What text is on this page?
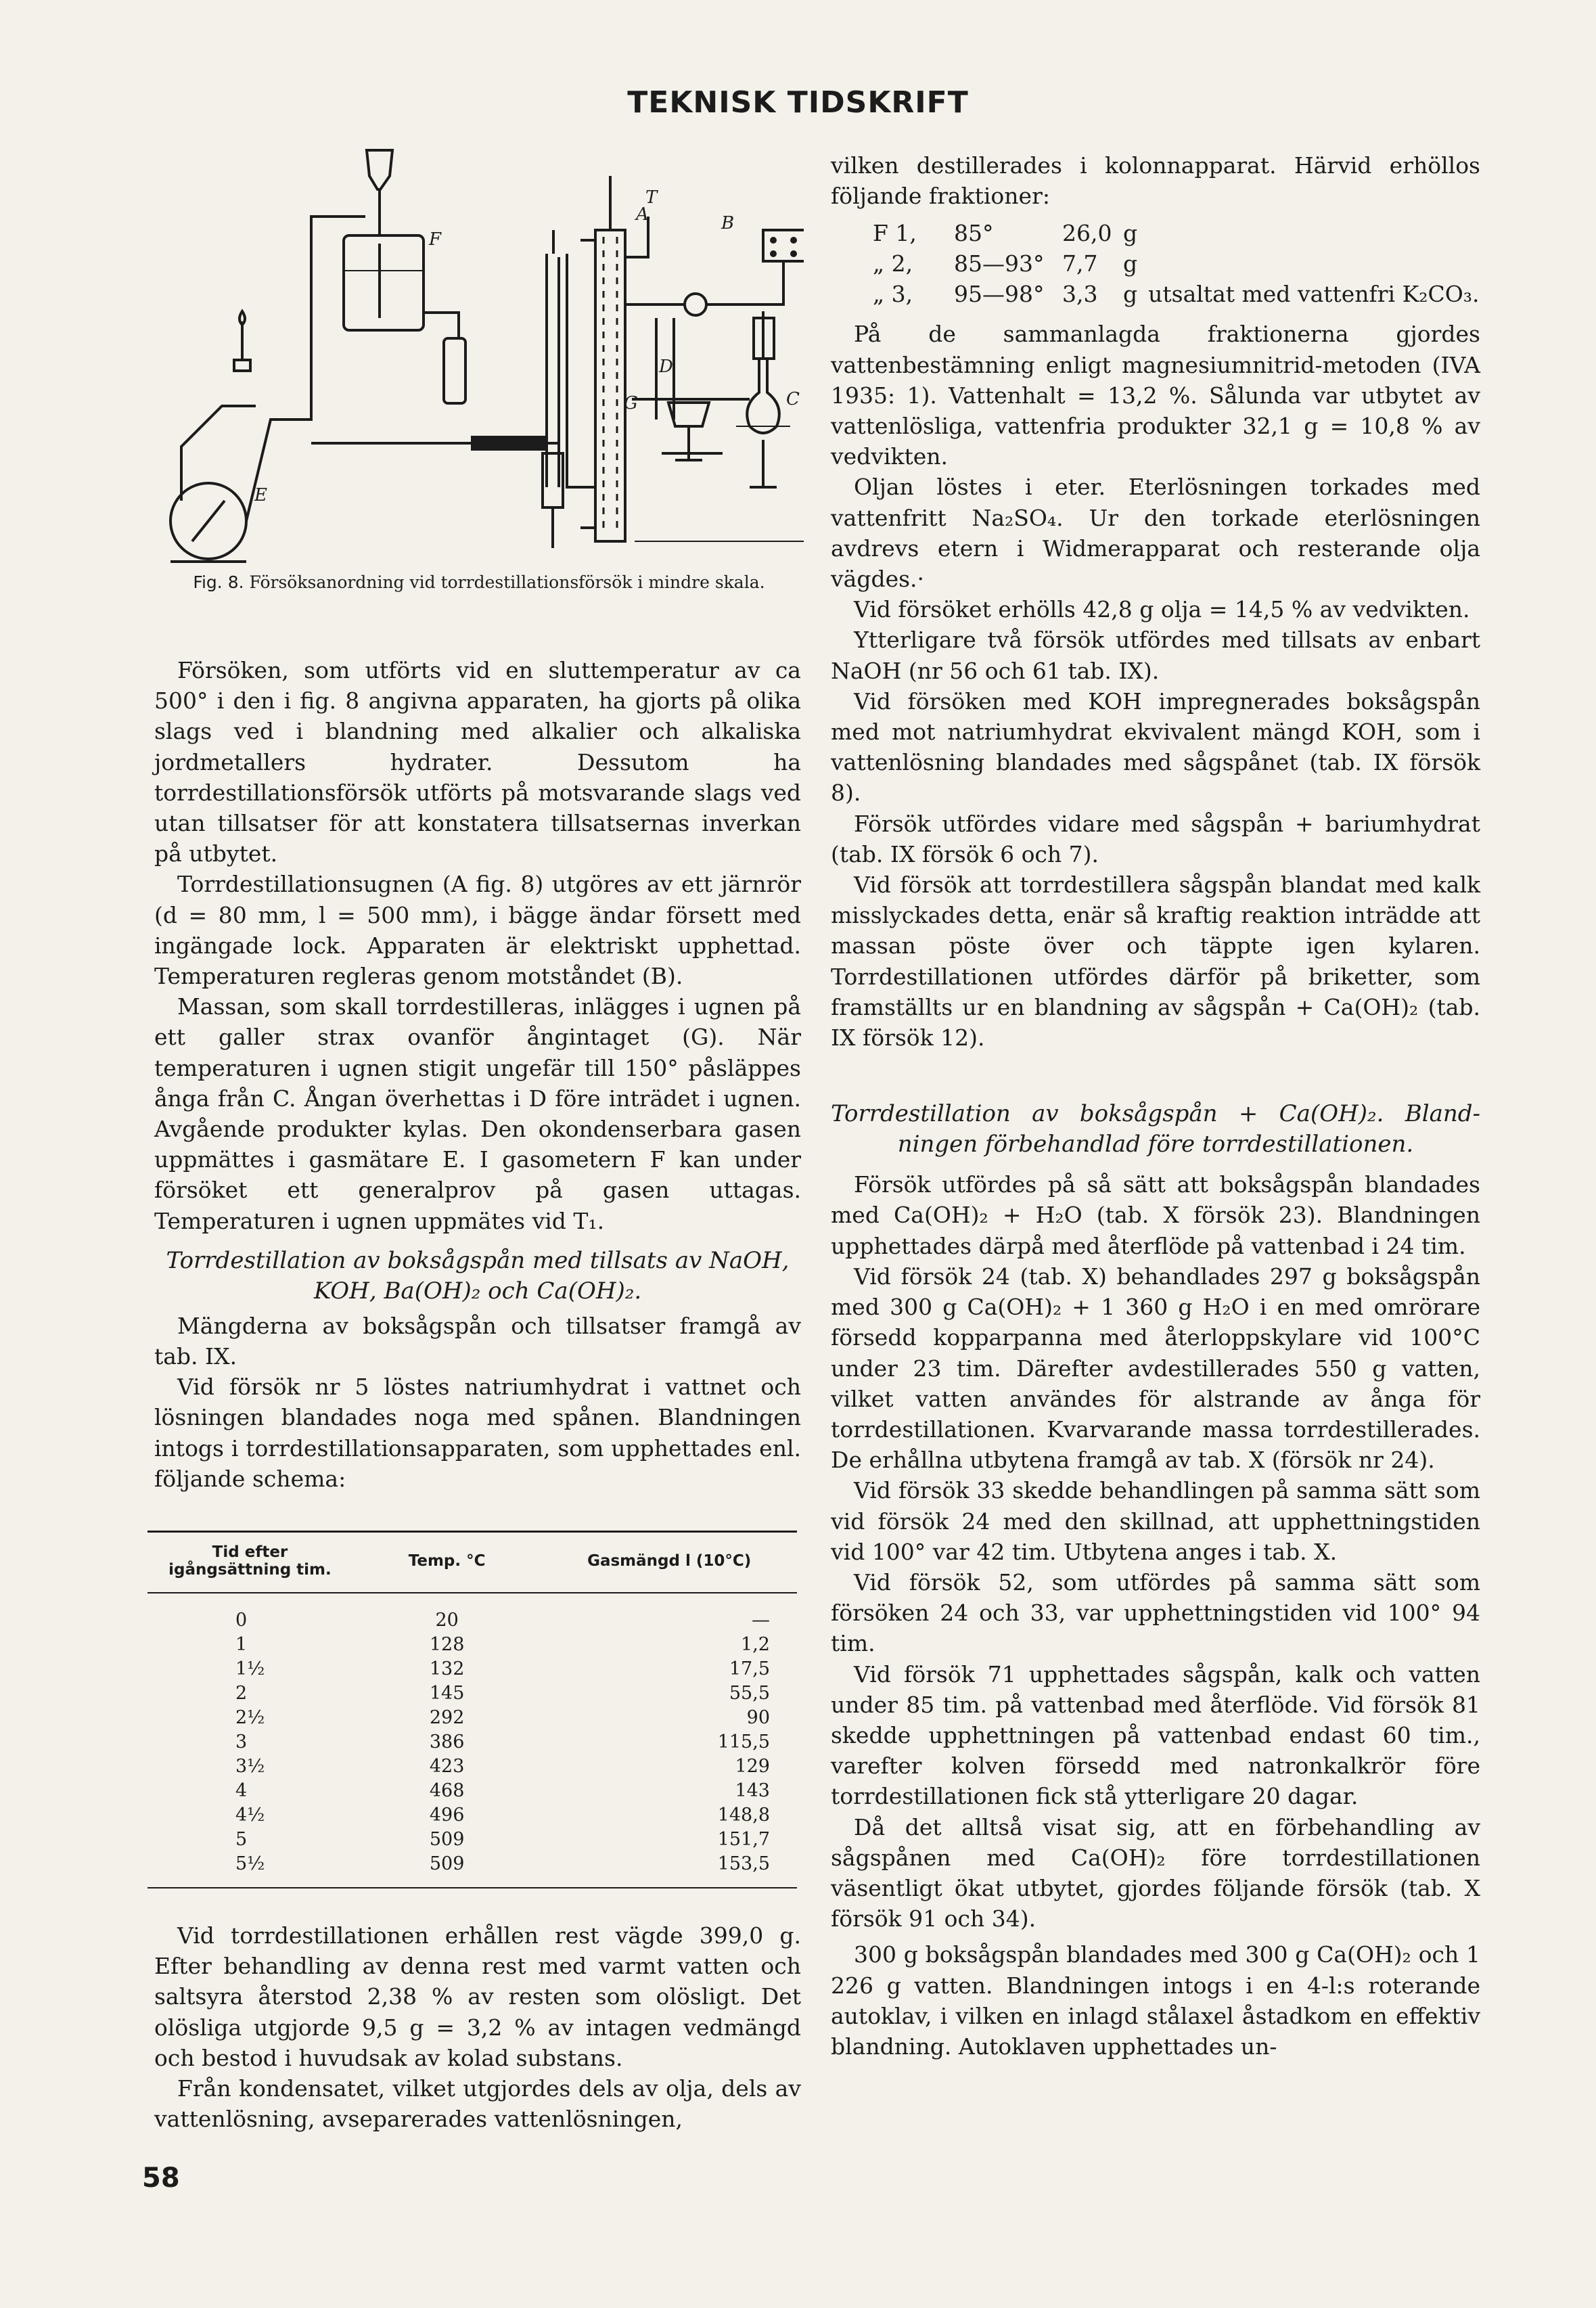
TEKNISK TIDSKRIFT
T
A	B
F
D
C
E
G
Fig. 8. Försöksanordning vid torrdestillationsförsök i mindre skala.

Försöken, som utförts vid en sluttemperatur av ca 500° i den i fig. 8 angivna apparaten, ha gjorts på olika slags ved i blandning med alkalier och alkaliska jordmetallers hydrater. Dessutom ha torrdestillationsförsök utförts på motsvarande slags ved utan tillsatser för att konstatera tillsatsernas inverkan på utbytet.

Torrdestillationsugnen (A fig. 8) utgöres av ett järnrör (d = 80 mm, l = 500 mm), i bägge ändar försett med ingängade lock. Apparaten är elektriskt upphettad. Temperaturen regleras genom motståndet (B).

Massan, som skall torrdestilleras, inlägges i ugnen på ett galler strax ovanför ångintaget (G). När temperaturen i ugnen stigit ungefär till 150° påsläppes ånga från C. Ångan överhettas i D före inträdet i ugnen. Avgående produkter kylas. Den okondenserbara gasen uppmättes i gasmätare E. I gasometern F kan under försöket ett generalprov på gasen uttagas. Temperaturen i ugnen uppmätes vid T₁.

Torrdestillation av boksågspån med tillsats av NaOH,
KOH, Ba(OH)₂ och Ca(OH)₂.

Mängderna av boksågspån och tillsatser framgå av tab. IX.

Vid försök nr 5 löstes natriumhydrat i vattnet och lösningen blandades noga med spånen. Blandningen intogs i torrdestillationsapparaten, som upphettades enl. följande schema:

Tid efter igångsättning tim.	Temp. °C	Gasmängd l (10°C)
0	20	—
1	128	1,2
1½	132	17,5
2	145	55,5
2½	292	90
3	386	115,5
3½	423	129
4	468	143
4½	496	148,8
5	509	151,7
5½	509	153,5

Vid torrdestillationen erhållen rest vägde 399,0 g. Efter behandling av denna rest med varmt vatten och saltsyra återstod 2,38 % av resten som olösligt. Det olösliga utgjorde 9,5 g = 3,2 % av intagen vedmängd och bestod i huvudsak av kolad substans.

Från kondensatet, vilket utgjordes dels av olja, dels av vattenlösning, avseparerades vattenlösningen,

vilken destillerades i kolonnapparat. Härvid erhöllos följande fraktioner:

F 1, 85°	26,0 g
„ 2, 85—93° 7,7 g
„ 3, 95—98° 3,3 g utsaltat med vattenfri K₂CO₃.

På de sammanlagda fraktionerna gjordes vattenbestämning enligt magnesiumnitrid-metoden (IVA 1935: 1). Vattenhalt = 13,2 %. Sålunda var utbytet av vattenlösliga, vattenfria produkter 32,1 g = 10,8 % av vedvikten.

Oljan löstes i eter. Eterlösningen torkades med vattenfritt Na₂SO₄. Ur den torkade eterlösningen avdrevs etern i Widmerapparat och resterande olja vägdes.·

Vid försöket erhölls 42,8 g olja = 14,5 % av vedvikten.

Ytterligare två försök utfördes med tillsats av enbart NaOH (nr 56 och 61 tab. IX).

Vid försöken med KOH impregnerades boksågspån med mot natriumhydrat ekvivalent mängd KOH, som i vattenlösning blandades med sågspånet (tab. IX försök 8).

Försök utfördes vidare med sågspån + bariumhydrat (tab. IX försök 6 och 7).

Vid försök att torrdestillera sågspån blandat med kalk misslyckades detta, enär så kraftig reaktion inträdde att massan pöste över och täppte igen kylaren. Torrdestillationen utfördes därför på briketter, som framställts ur en blandning av sågspån + Ca(OH)₂ (tab. IX försök 12).

Torrdestillation av boksågspån + Ca(OH)₂. Bland-
ningen förbehandlad före torrdestillationen.

Försök utfördes på så sätt att boksågspån blandades med Ca(OH)₂ + H₂O (tab. X försök 23). Blandningen upphettades därpå med återflöde på vattenbad i 24 tim.

Vid försök 24 (tab. X) behandlades 297 g boksågspån med 300 g Ca(OH)₂ + 1 360 g H₂O i en med omrörare försedd kopparpanna med återloppskylare vid 100°C under 23 tim. Därefter avdestillerades 550 g vatten, vilket vatten användes för alstrande av ånga för torrdestillationen. Kvarvarande massa torrdestillerades. De erhållna utbytena framgå av tab. X (försök nr 24).

Vid försök 33 skedde behandlingen på samma sätt som vid försök 24 med den skillnad, att upphettningstiden vid 100° var 42 tim. Utbytena anges i tab. X.

Vid försök 52, som utfördes på samma sätt som försöken 24 och 33, var upphettningstiden vid 100° 94 tim.

Vid försök 71 upphettades sågspån, kalk och vatten under 85 tim. på vattenbad med återflöde. Vid försök 81 skedde upphettningen på vattenbad endast 60 tim., varefter kolven försedd med natronkalkrör före torrdestillationen fick stå ytterligare 20 dagar.

Då det alltså visat sig, att en förbehandling av sågspånen med Ca(OH)₂ före torrdestillationen väsentligt ökat utbytet, gjordes följande försök (tab. X försök 91 och 34).

300 g boksågspån blandades med 300 g Ca(OH)₂ och 1 226 g vatten. Blandningen intogs i en 4-l:s roterande autoklav, i vilken en inlagd stålaxel åstadkom en effektiv blandning. Autoklaven upphettades un-

58
